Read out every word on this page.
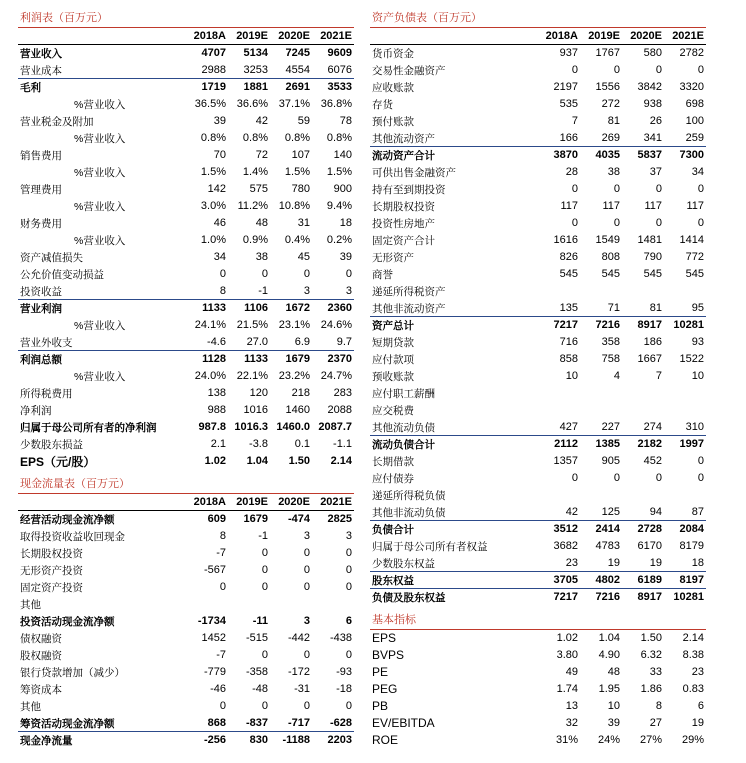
利润表（百万元）
2018A 2019E 2020E 2021E
营业收入	4707	5134	7245	9609
营业成本	2988	3253	4554	6076
毛利	1719	1881	2691	3533
%营业收入	36.5% 36.6% 37.1% 36.8%
营业税金及附加	39	42	59	78
%营业收入	0.8%	0.8%	0.8%	0.8%
销售费用	70	72	107	140
%营业收入	1.5%	1.4%	1.5%	1.5%
管理费用	142	575	780	900
%营业收入	3.0%	11.2% 10.8%	9.4%
财务费用	46	48	31	18
%营业收入	1.0%	0.9%	0.4%	0.2%
资产减值损失	34	38	45	39
公允价值变动损益	0	0	0	0
投资收益	8	-1	3	3
营业利润	1133	1106	1672	2360
%营业收入	24.1% 21.5% 23.1% 24.6%
营业外收支	-4.6	27.0	6.9	9.7
利润总额	1128	1133	1679	2370
%营业收入	24.0% 22.1% 23.2% 24.7%
所得税费用	138	120	218	283
净利润	988	1016	1460	2088
归属于母公司所有者的净利润	987.8 1016.3 1460.0 2087.7
少数股东损益	2.1	-3.8	0.1	-1.1
EPS（元/股）	1.02	1.04	1.50	2.14
现金流量表（百万元）
2018A 2019E 2020E 2021E
经营活动现金流净额	609	1679	-474	2825
取得投资收益收回现金	8	-1	3	3
长期股权投资	-7	0	0	0
无形资产投资	-567	0	0	0
固定资产投资	0	0	0	0
其他
投资活动现金流净额	-1734	-11	3	6
债权融资	1452	-515	-442	-438
股权融资	-7	0	0	0
银行贷款增加（减少）	-779	-358	-172	-93
筹资成本	-46	-48	-31	-18
其他	0	0	0	0
筹资活动现金流净额	868	-837	-717	-628
现金净流量	-256	830	-1188	2203
资产负债表（百万元）
2018A 2019E 2020E 2021E
货币资金	937	1767	580	2782
交易性金融资产	0	0	0	0
应收账款	2197	1556	3842	3320
存货	535	272	938	698
预付账款	7	81	26	100
其他流动资产	166	269	341	259
流动资产合计	3870	4035	5837	7300
可供出售金融资产	28	38	37	34
持有至到期投资	0	0	0	0
长期股权投资	117	117	117	117
投资性房地产	0	0	0	0
固定资产合计	1616	1549	1481	1414
无形资产	826	808	790	772
商誉	545	545	545	545
递延所得税资产
其他非流动资产	135	71	81	95
资产总计	7217	7216	8917	10281
短期贷款	716	358	186	93
应付款项	858	758	1667	1522
预收账款	10	4	7	10
应付职工薪酬
应交税费
其他流动负债	427	227	274	310
流动负债合计	2112	1385	2182	1997
长期借款	1357	905	452	0
应付债券	0	0	0	0
递延所得税负债
其他非流动负债	42	125	94	87
负债合计	3512	2414	2728	2084
归属于母公司所有者权益	3682	4783	6170	8179
少数股东权益	23	19	19	18
股东权益	3705	4802	6189	8197
负债及股东权益	7217	7216	8917	10281
基本指标
EPS	1.02	1.04	1.50	2.14
BVPS	3.80	4.90	6.32	8.38
PE	49	48	33	23
PEG	1.74	1.95	1.86	0.83
PB	13	10	8	6
EV/EBITDA	32	39	27	19
ROE	31%	24%	27%	29%
